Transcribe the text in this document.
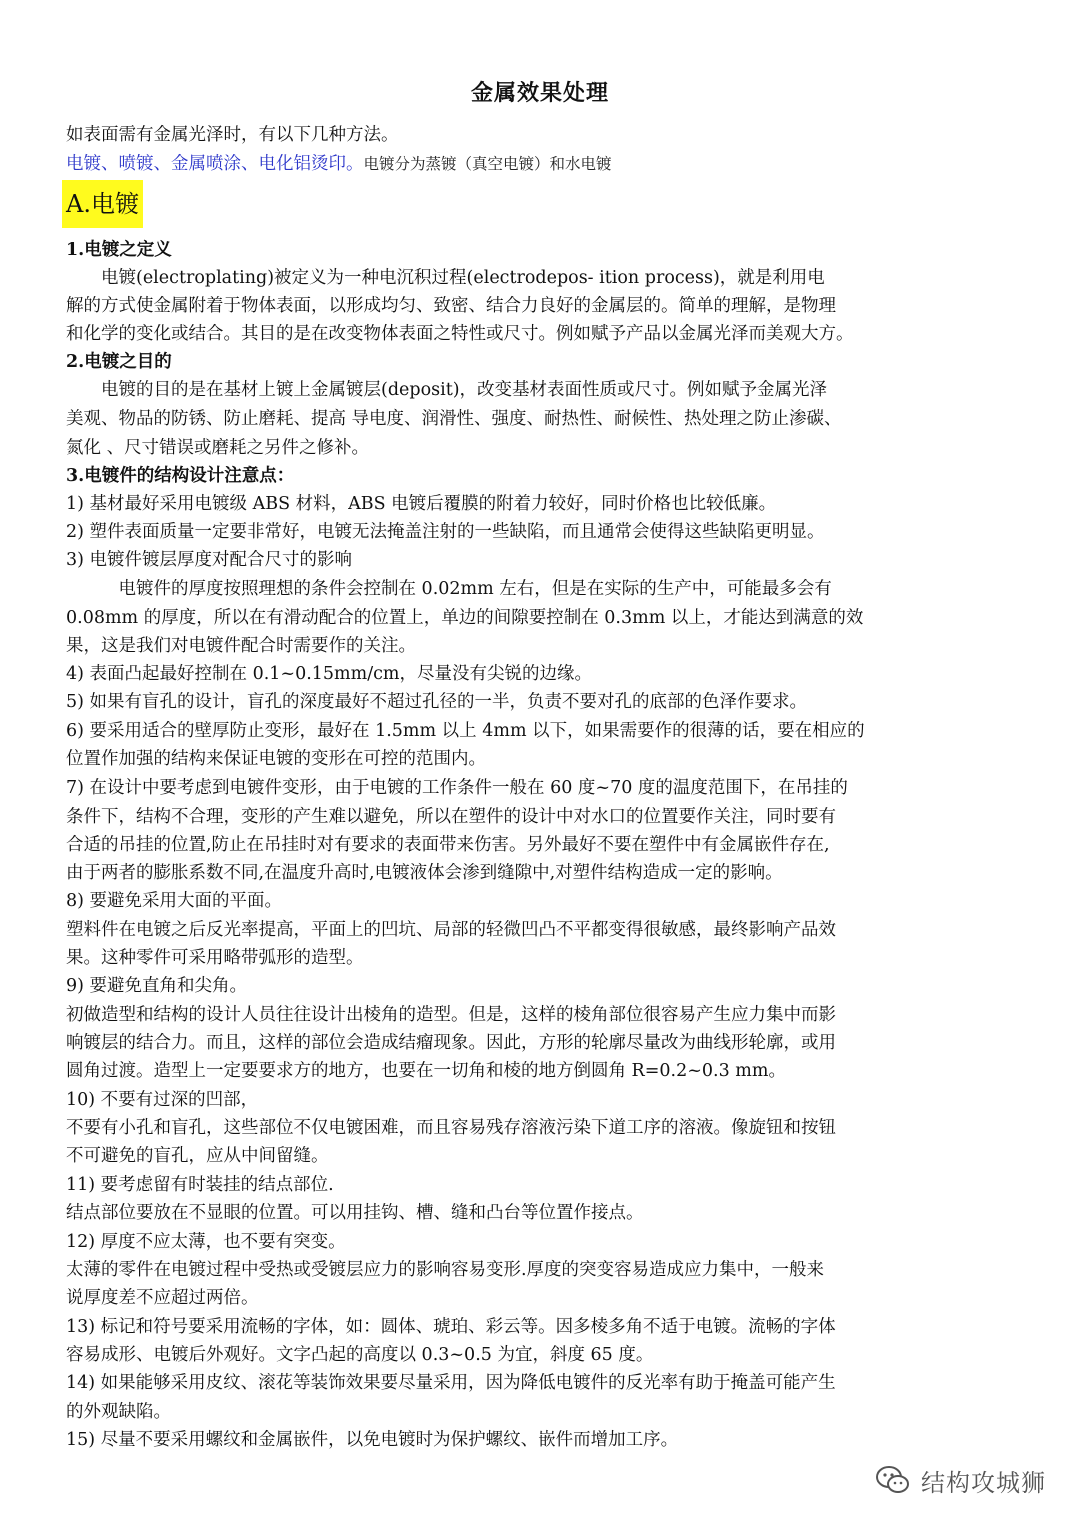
金属效果处理
如表面需有金属光泽时，有以下几种方法。
电镀、喷镀、金属喷涂、电化铝烫印。电镀分为蒸镀（真空电镀）和水电镀
A.电镀
1.电镀之定义
电镀(electroplating)被定义为一种电沉积过程(electrodepos- ition process)，就是利用电
解的方式使金属附着于物体表面，以形成均匀、致密、结合力良好的金属层的。简单的理解，是物理
和化学的变化或结合。其目的是在改变物体表面之特性或尺寸。例如赋予产品以金属光泽而美观大方。
2.电镀之目的
电镀的目的是在基材上镀上金属镀层(deposit)，改变基材表面性质或尺寸。例如赋予金属光泽
美观、物品的防锈、防止磨耗、提高 导电度、润滑性、强度、耐热性、耐候性、热处理之防止渗碳、
氮化 、尺寸错误或磨耗之另件之修补。
3.电镀件的结构设计注意点：
1) 基材最好采用电镀级 ABS 材料，ABS 电镀后覆膜的附着力较好，同时价格也比较低廉。
2) 塑件表面质量一定要非常好，电镀无法掩盖注射的一些缺陷，而且通常会使得这些缺陷更明显。
3) 电镀件镀层厚度对配合尺寸的影响
电镀件的厚度按照理想的条件会控制在 0.02mm 左右，但是在实际的生产中，可能最多会有
0.08mm 的厚度，所以在有滑动配合的位置上，单边的间隙要控制在 0.3mm 以上，才能达到满意的效
果，这是我们对电镀件配合时需要作的关注。
4) 表面凸起最好控制在 0.1~0.15mm/cm，尽量没有尖锐的边缘。
5) 如果有盲孔的设计，盲孔的深度最好不超过孔径的一半，负责不要对孔的底部的色泽作要求。
6) 要采用适合的壁厚防止变形，最好在 1.5mm 以上 4mm 以下，如果需要作的很薄的话，要在相应的
位置作加强的结构来保证电镀的变形在可控的范围内。
7) 在设计中要考虑到电镀件变形，由于电镀的工作条件一般在 60 度~70 度的温度范围下，在吊挂的
条件下，结构不合理，变形的产生难以避免，所以在塑件的设计中对水口的位置要作关注，同时要有
合适的吊挂的位置,防止在吊挂时对有要求的表面带来伤害。另外最好不要在塑件中有金属嵌件存在,
由于两者的膨胀系数不同,在温度升高时,电镀液体会渗到缝隙中,对塑件结构造成一定的影响。
8) 要避免采用大面的平面。
塑料件在电镀之后反光率提高，平面上的凹坑、局部的轻微凹凸不平都变得很敏感，最终影响产品效
果。这种零件可采用略带弧形的造型。
9) 要避免直角和尖角。
初做造型和结构的设计人员往往设计出棱角的造型。但是，这样的棱角部位很容易产生应力集中而影
响镀层的结合力。而且，这样的部位会造成结瘤现象。因此，方形的轮廓尽量改为曲线形轮廓，或用
圆角过渡。造型上一定要要求方的地方，也要在一切角和棱的地方倒圆角 R=0.2~0.3 mm。
10) 不要有过深的凹部，
不要有小孔和盲孔，这些部位不仅电镀困难，而且容易残存溶液污染下道工序的溶液。像旋钮和按钮
不可避免的盲孔，应从中间留缝。
11) 要考虑留有时装挂的结点部位.
结点部位要放在不显眼的位置。可以用挂钩、槽、缝和凸台等位置作接点。
12) 厚度不应太薄，也不要有突变。
太薄的零件在电镀过程中受热或受镀层应力的影响容易变形.厚度的突变容易造成应力集中，一般来
说厚度差不应超过两倍。
13) 标记和符号要采用流畅的字体，如：圆体、琥珀、彩云等。因多棱多角不适于电镀。流畅的字体
容易成形、电镀后外观好。文字凸起的高度以 0.3~0.5 为宜，斜度 65 度。
14) 如果能够采用皮纹、滚花等装饰效果要尽量采用，因为降低电镀件的反光率有助于掩盖可能产生
的外观缺陷。
15) 尽量不要采用螺纹和金属嵌件，以免电镀时为保护螺纹、嵌件而增加工序。
结构攻城狮
